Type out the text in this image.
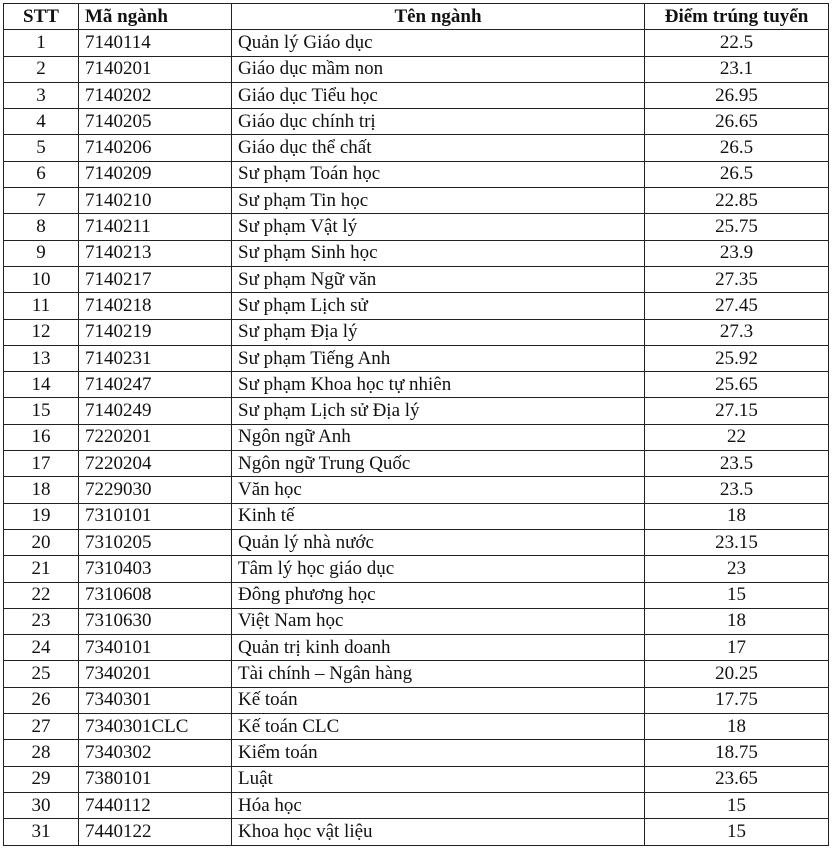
STT	Mã ngành	Tên ngành	Điểm trúng tuyển
1	7140114	Quản lý Giáo dục	22.5
2	7140201	Giáo dục mầm non	23.1
3	7140202	Giáo dục Tiểu học	26.95
4	7140205	Giáo dục chính trị	26.65
5	7140206	Giáo dục thể chất	26.5
6	7140209	Sư phạm Toán học	26.5
7	7140210	Sư phạm Tin học	22.85
8	7140211	Sư phạm Vật lý	25.75
9	7140213	Sư phạm Sinh học	23.9
10	7140217	Sư phạm Ngữ văn	27.35
11	7140218	Sư phạm Lịch sử	27.45
12	7140219	Sư phạm Địa lý	27.3
13	7140231	Sư phạm Tiếng Anh	25.92
14	7140247	Sư phạm Khoa học tự nhiên	25.65
15	7140249	Sư phạm Lịch sử Địa lý	27.15
16	7220201	Ngôn ngữ Anh	22
17	7220204	Ngôn ngữ Trung Quốc	23.5
18	7229030	Văn học	23.5
19	7310101	Kinh tế	18
20	7310205	Quản lý nhà nước	23.15
21	7310403	Tâm lý học giáo dục	23
22	7310608	Đông phương học	15
23	7310630	Việt Nam học	18
24	7340101	Quản trị kinh doanh	17
25	7340201	Tài chính – Ngân hàng	20.25
26	7340301	Kế toán	17.75
27	7340301CLC	Kế toán CLC	18
28	7340302	Kiểm toán	18.75
29	7380101	Luật	23.65
30	7440112	Hóa học	15
31	7440122	Khoa học vật liệu	15
